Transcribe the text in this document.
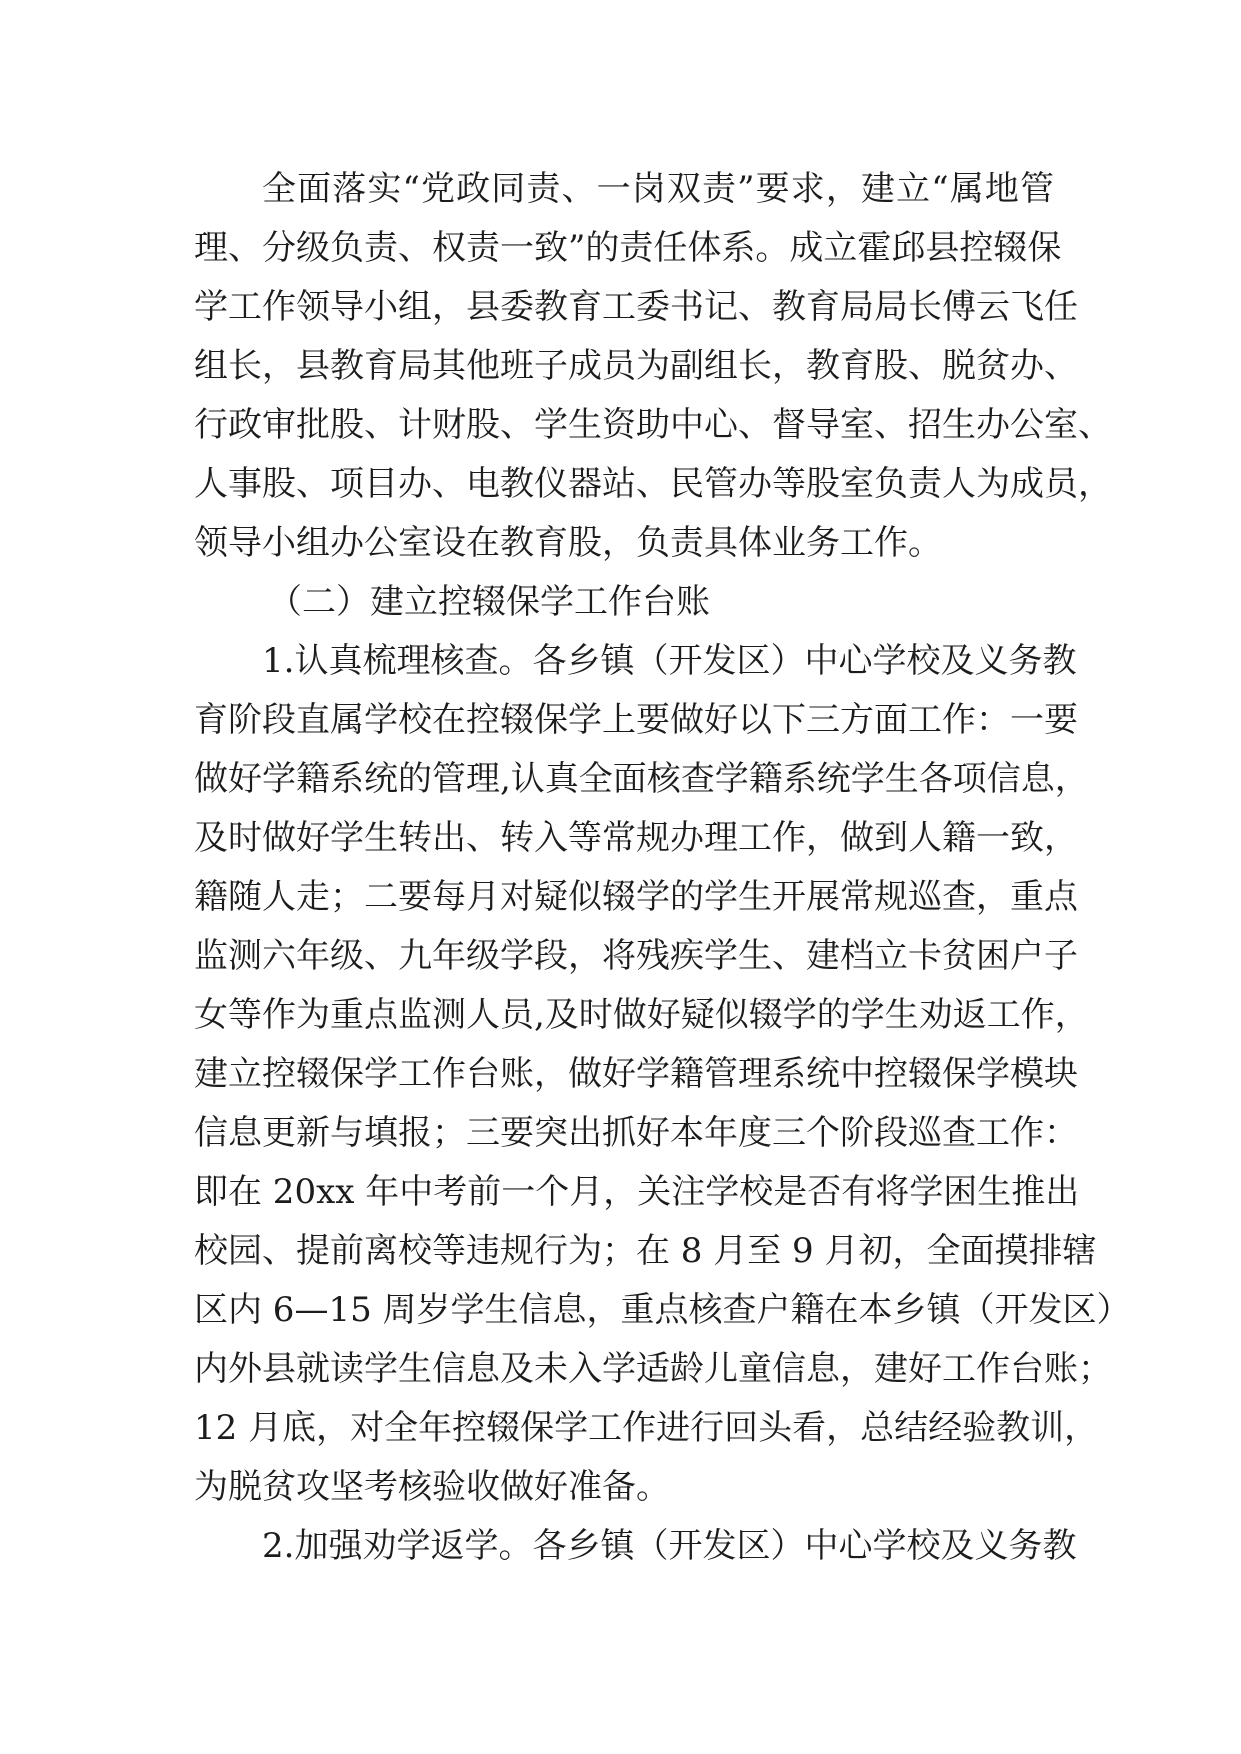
全面落实“党政同责、一岗双责”要求，建立“属地管
理、分级负责、权责一致”的责任体系。成立霍邱县控辍保
学工作领导小组，县委教育工委书记、教育局局长傅云飞任
组长，县教育局其他班子成员为副组长，教育股、脱贫办、
行政审批股、计财股、学生资助中心、督导室、招生办公室、
人事股、项目办、电教仪器站、民管办等股室负责人为成员，
领导小组办公室设在教育股，负责具体业务工作。
（二）建立控辍保学工作台账
1.认真梳理核查。各乡镇（开发区）中心学校及义务教
育阶段直属学校在控辍保学上要做好以下三方面工作：一要
做好学籍系统的管理,认真全面核查学籍系统学生各项信息，
及时做好学生转出、转入等常规办理工作，做到人籍一致，
籍随人走；二要每月对疑似辍学的学生开展常规巡查，重点
监测六年级、九年级学段，将残疾学生、建档立卡贫困户子
女等作为重点监测人员,及时做好疑似辍学的学生劝返工作，
建立控辍保学工作台账，做好学籍管理系统中控辍保学模块
信息更新与填报；三要突出抓好本年度三个阶段巡查工作：
即在 20xx 年中考前一个月，关注学校是否有将学困生推出
校园、提前离校等违规行为；在 8 月至 9 月初，全面摸排辖
区内 6—15 周岁学生信息，重点核查户籍在本乡镇（开发区）
内外县就读学生信息及未入学适龄儿童信息，建好工作台账；
12 月底，对全年控辍保学工作进行回头看，总结经验教训，
为脱贫攻坚考核验收做好准备。
2.加强劝学返学。各乡镇（开发区）中心学校及义务教
